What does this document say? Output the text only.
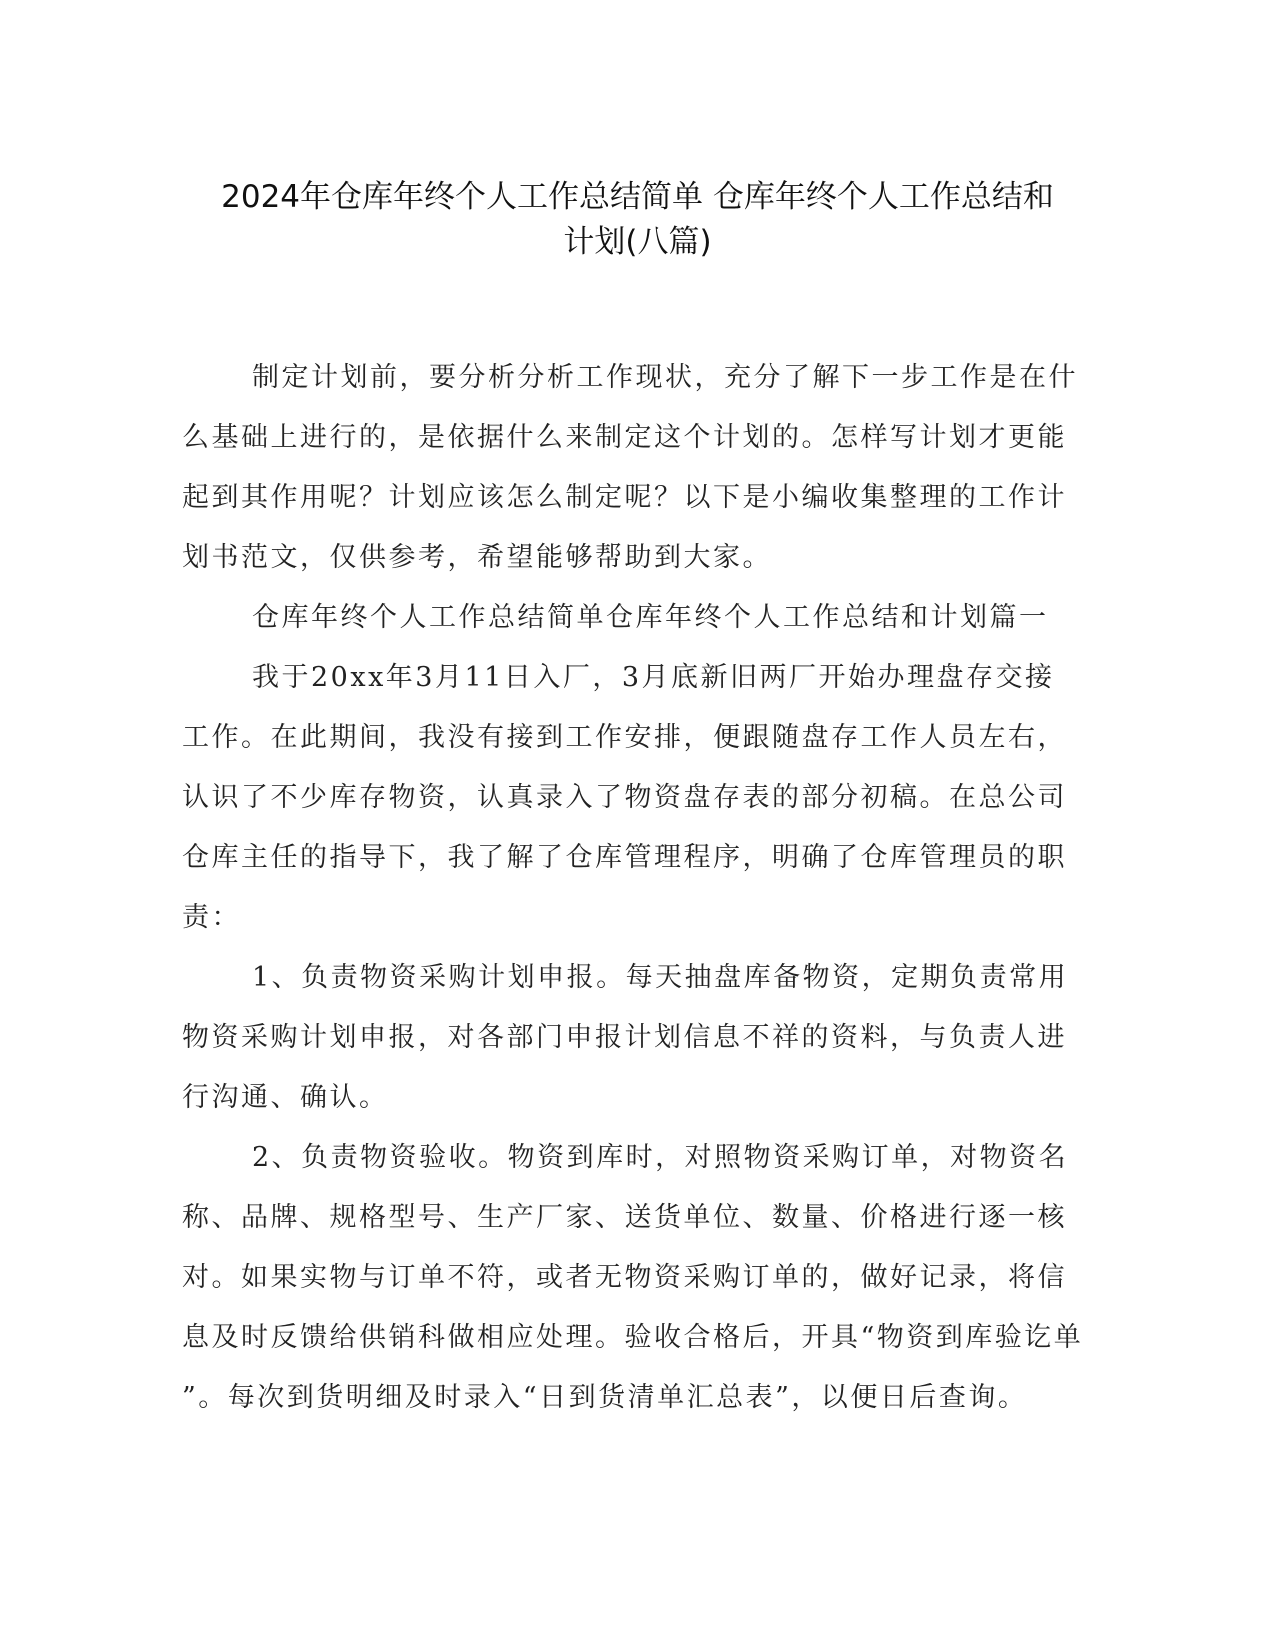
2024年仓库年终个人工作总结简单 仓库年终个人工作总结和
计划(八篇)
制定计划前，要分析分析工作现状，充分了解下一步工作是在什
么基础上进行的，是依据什么来制定这个计划的。怎样写计划才更能
起到其作用呢？计划应该怎么制定呢？以下是小编收集整理的工作计
划书范文，仅供参考，希望能够帮助到大家。
仓库年终个人工作总结简单仓库年终个人工作总结和计划篇一
我于20xx年3月11日入厂，3月底新旧两厂开始办理盘存交接
工作。在此期间，我没有接到工作安排，便跟随盘存工作人员左右，
认识了不少库存物资，认真录入了物资盘存表的部分初稿。在总公司
仓库主任的指导下，我了解了仓库管理程序，明确了仓库管理员的职
责：
1、负责物资采购计划申报。每天抽盘库备物资，定期负责常用
物资采购计划申报，对各部门申报计划信息不祥的资料，与负责人进
行沟通、确认。
2、负责物资验收。物资到库时，对照物资采购订单，对物资名
称、品牌、规格型号、生产厂家、送货单位、数量、价格进行逐一核
对。如果实物与订单不符，或者无物资采购订单的，做好记录，将信
息及时反馈给供销科做相应处理。验收合格后，开具“物资到库验讫单
”。每次到货明细及时录入“日到货清单汇总表”，以便日后查询。
